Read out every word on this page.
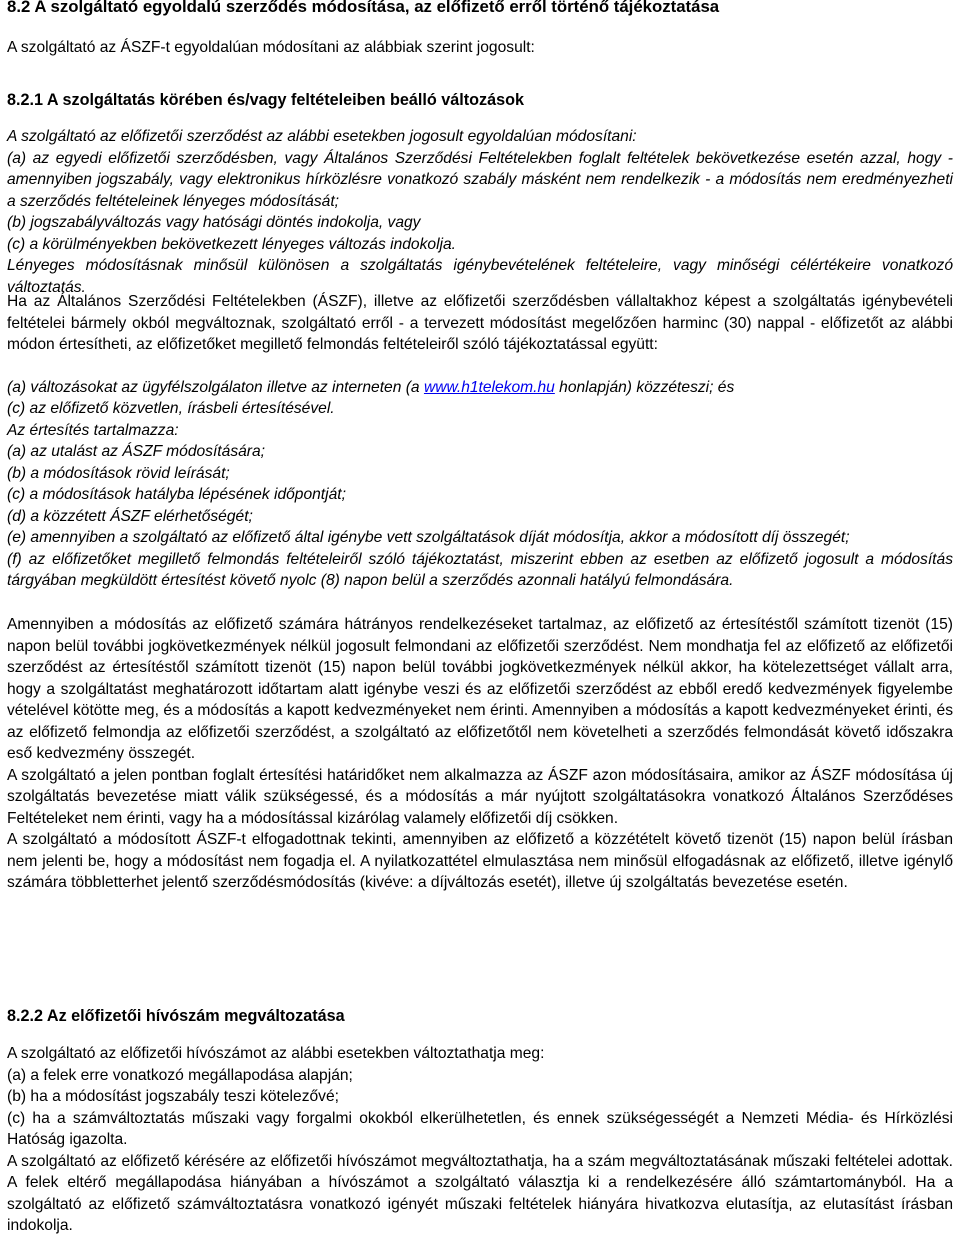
8.2 A szolgáltató egyoldalú szerződés módosítása, az előfizető erről történő tájékoztatása

A szolgáltató az ÁSZF-t egyoldalúan módosítani az alábbiak szerint jogosult:

8.2.1 A szolgáltatás körében és/vagy feltételeiben beálló változások

A szolgáltató az előfizetői szerződést az alábbi esetekben jogosult egyoldalúan módosítani:

(a) az egyedi előfizetői szerződésben, vagy Általános Szerződési Feltételekben foglalt feltételek bekövetkezése esetén azzal, hogy - amennyiben jogszabály, vagy elektronikus hírközlésre vonatkozó szabály másként nem rendelkezik - a módosítás nem eredményezheti a szerződés feltételeinek lényeges módosítását;

(b) jogszabályváltozás vagy hatósági döntés indokolja, vagy

(c) a körülményekben bekövetkezett lényeges változás indokolja.

Lényeges módosításnak minősül különösen a szolgáltatás igénybevételének feltételeire, vagy minőségi célértékeire vonatkozó változtatás.

Ha az Általános Szerződési Feltételekben (ÁSZF), illetve az előfizetői szerződésben vállaltakhoz képest a szolgáltatás igénybevételi feltételei bármely okból megváltoznak, szolgáltató erről - a tervezett módosítást megelőzően harminc (30) nappal - előfizetőt az alábbi módon értesítheti, az előfizetőket megillető felmondás feltételeiről szóló tájékoztatással együtt:

(a) változásokat az ügyfélszolgálaton illetve az interneten (a www.h1telekom.hu honlapján) közzéteszi; és

(c) az előfizető közvetlen, írásbeli értesítésével.

Az értesítés tartalmazza:

(a) az utalást az ÁSZF módosítására;

(b) a módosítások rövid leírását;

(c) a módosítások hatályba lépésének időpontját;

(d) a közzétett ÁSZF elérhetőségét;

(e) amennyiben a szolgáltató az előfizető által igénybe vett szolgáltatások díját módosítja, akkor a módosított díj összegét;

(f) az előfizetőket megillető felmondás feltételeiről szóló tájékoztatást, miszerint ebben az esetben az előfizető jogosult a módosítás tárgyában megküldött értesítést követő nyolc (8) napon belül a szerződés azonnali hatályú felmondására.

Amennyiben a módosítás az előfizető számára hátrányos rendelkezéseket tartalmaz, az előfizető az értesítéstől számított tizenöt (15) napon belül további jogkövetkezmények nélkül jogosult felmondani az előfizetői szerződést. Nem mondhatja fel az előfizető az előfizetői szerződést az értesítéstől számított tizenöt (15) napon belül további jogkövetkezmények nélkül akkor, ha kötelezettséget vállalt arra, hogy a szolgáltatást meghatározott időtartam alatt igénybe veszi és az előfizetői szerződést az ebből eredő kedvezmények figyelembe vételével kötötte meg, és a módosítás a kapott kedvezményeket nem érinti. Amennyiben a módosítás a kapott kedvezményeket érinti, és az előfizető felmondja az előfizetői szerződést, a szolgáltató az előfizetőtől nem követelheti a szerződés felmondását követő időszakra eső kedvezmény összegét.

A szolgáltató a jelen pontban foglalt értesítési határidőket nem alkalmazza az ÁSZF azon módosításaira, amikor az ÁSZF módosítása új szolgáltatás bevezetése miatt válik szükségessé, és a módosítás a már nyújtott szolgáltatásokra vonatkozó Általános Szerződéses Feltételeket nem érinti, vagy ha a módosítással kizárólag valamely előfizetői díj csökken.

A szolgáltató a módosított ÁSZF-t elfogadottnak tekinti, amennyiben az előfizető a közzétételt követő tizenöt (15) napon belül írásban nem jelenti be, hogy a módosítást nem fogadja el. A nyilatkozattétel elmulasztása nem minősül elfogadásnak az előfizető, illetve igénylő számára többletterhet jelentő szerződésmódosítás (kivéve: a díjváltozás esetét), illetve új szolgáltatás bevezetése esetén.

8.2.2 Az előfizetői hívószám megváltozatása

A szolgáltató az előfizetői hívószámot az alábbi esetekben változtathatja meg:

(a) a felek erre vonatkozó megállapodása alapján;

(b) ha a módosítást jogszabály teszi kötelezővé;

(c) ha a számváltoztatás műszaki vagy forgalmi okokból elkerülhetetlen, és ennek szükségességét a Nemzeti Média- és Hírközlési Hatóság igazolta.

A szolgáltató az előfizető kérésére az előfizetői hívószámot megváltoztathatja, ha a szám megváltoztatásának műszaki feltételei adottak. A felek eltérő megállapodása hiányában a hívószámot a szolgáltató választja ki a rendelkezésére álló számtartományból. Ha a szolgáltató az előfizető számváltoztatásra vonatkozó igényét műszaki feltételek hiányára hivatkozva elutasítja, az elutasítást írásban indokolja.
